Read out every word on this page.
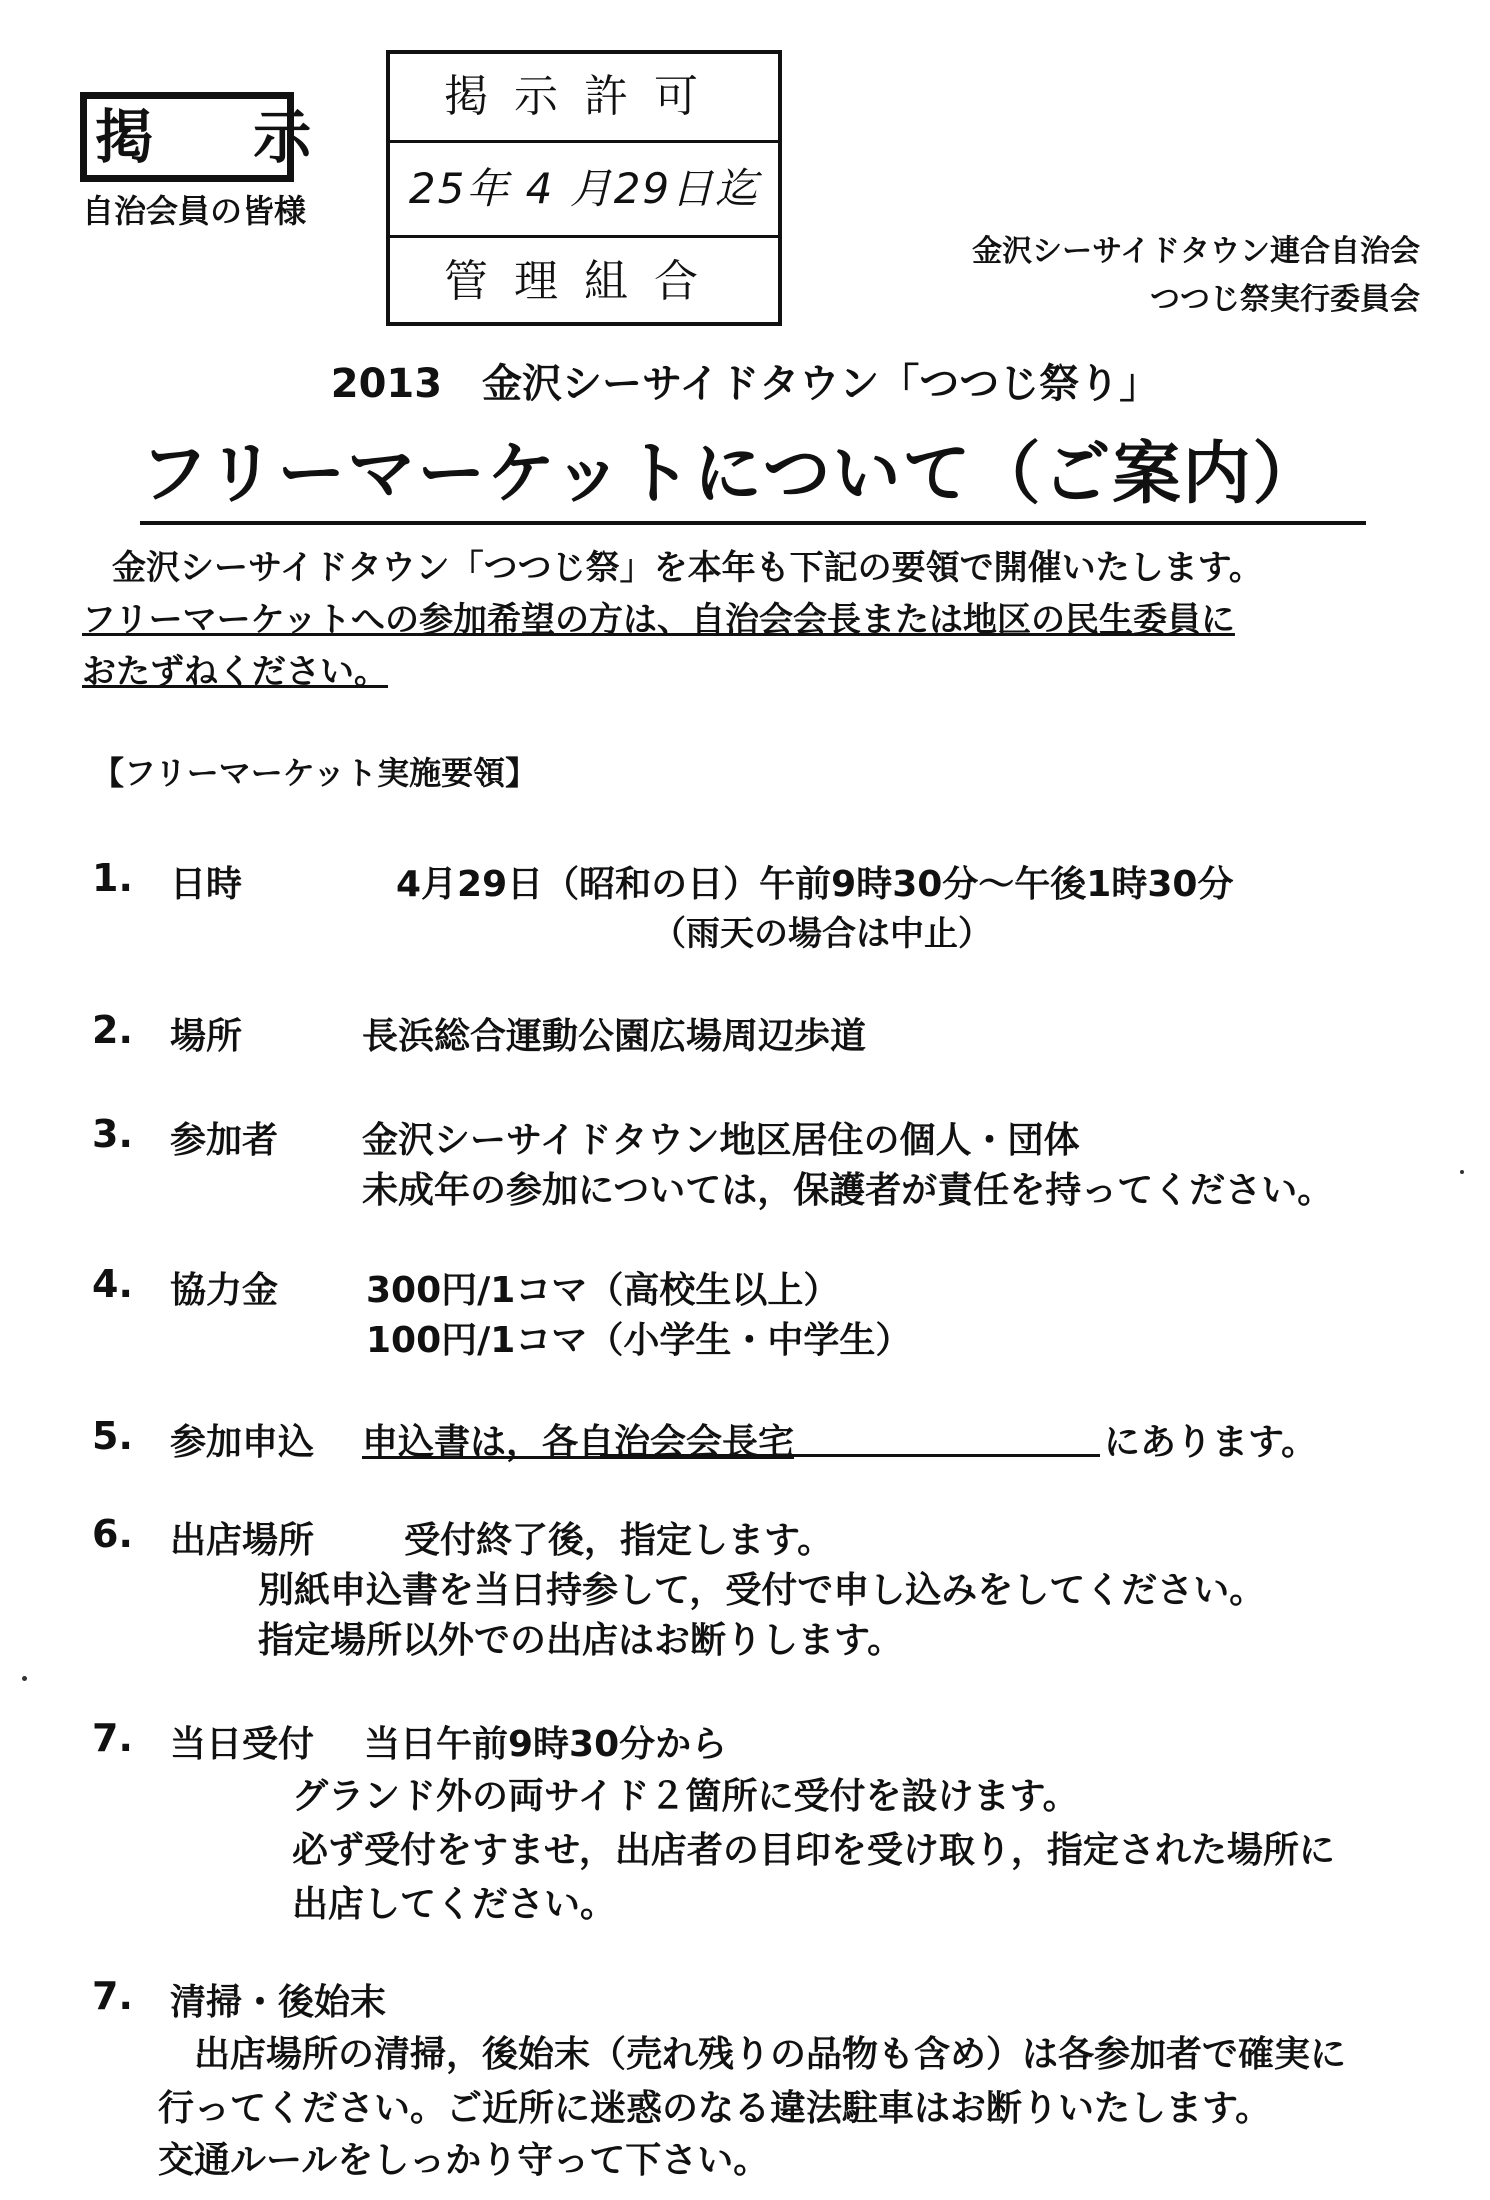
掲 示
自治会員の皆様
掲示許可
25年 4 月29日迄
管理組合
金沢シーサイドタウン連合自治会
つつじ祭実行委員会
2013　金沢シーサイドタウン「つつじ祭り」
フリーマーケットについて（ご案内）
金沢シーサイドタウン「つつじ祭」を本年も下記の要領で開催いたします。
フリーマーケットへの参加希望の方は、自治会会長または地区の民生委員に
おたずねください。
【フリーマーケット実施要領】
1. 日時	4月29日（昭和の日）午前9時30分～午後1時30分
（雨天の場合は中止）
2. 場所	長浜総合運動公園広場周辺歩道
3. 参加者 金沢シーサイドタウン地区居住の個人・団体
未成年の参加については，保護者が責任を持ってください。
4. 協力金 300円/1コマ（高校生以上）
100円/1コマ（小学生・中学生）
5. 参加申込 申込書は，各自治会会長宅	にあります。
6. 出店場所 受付終了後，指定します。
別紙申込書を当日持参して，受付で申し込みをしてください。
指定場所以外での出店はお断りします。
7. 当日受付 当日午前9時30分から
グランド外の両サイド２箇所に受付を設けます。
必ず受付をすませ，出店者の目印を受け取り，指定された場所に
出店してください。
7. 清掃・後始末
出店場所の清掃，後始末（売れ残りの品物も含め）は各参加者で確実に
行ってください。ご近所に迷惑のなる違法駐車はお断りいたします。
交通ルールをしっかり守って下さい。
